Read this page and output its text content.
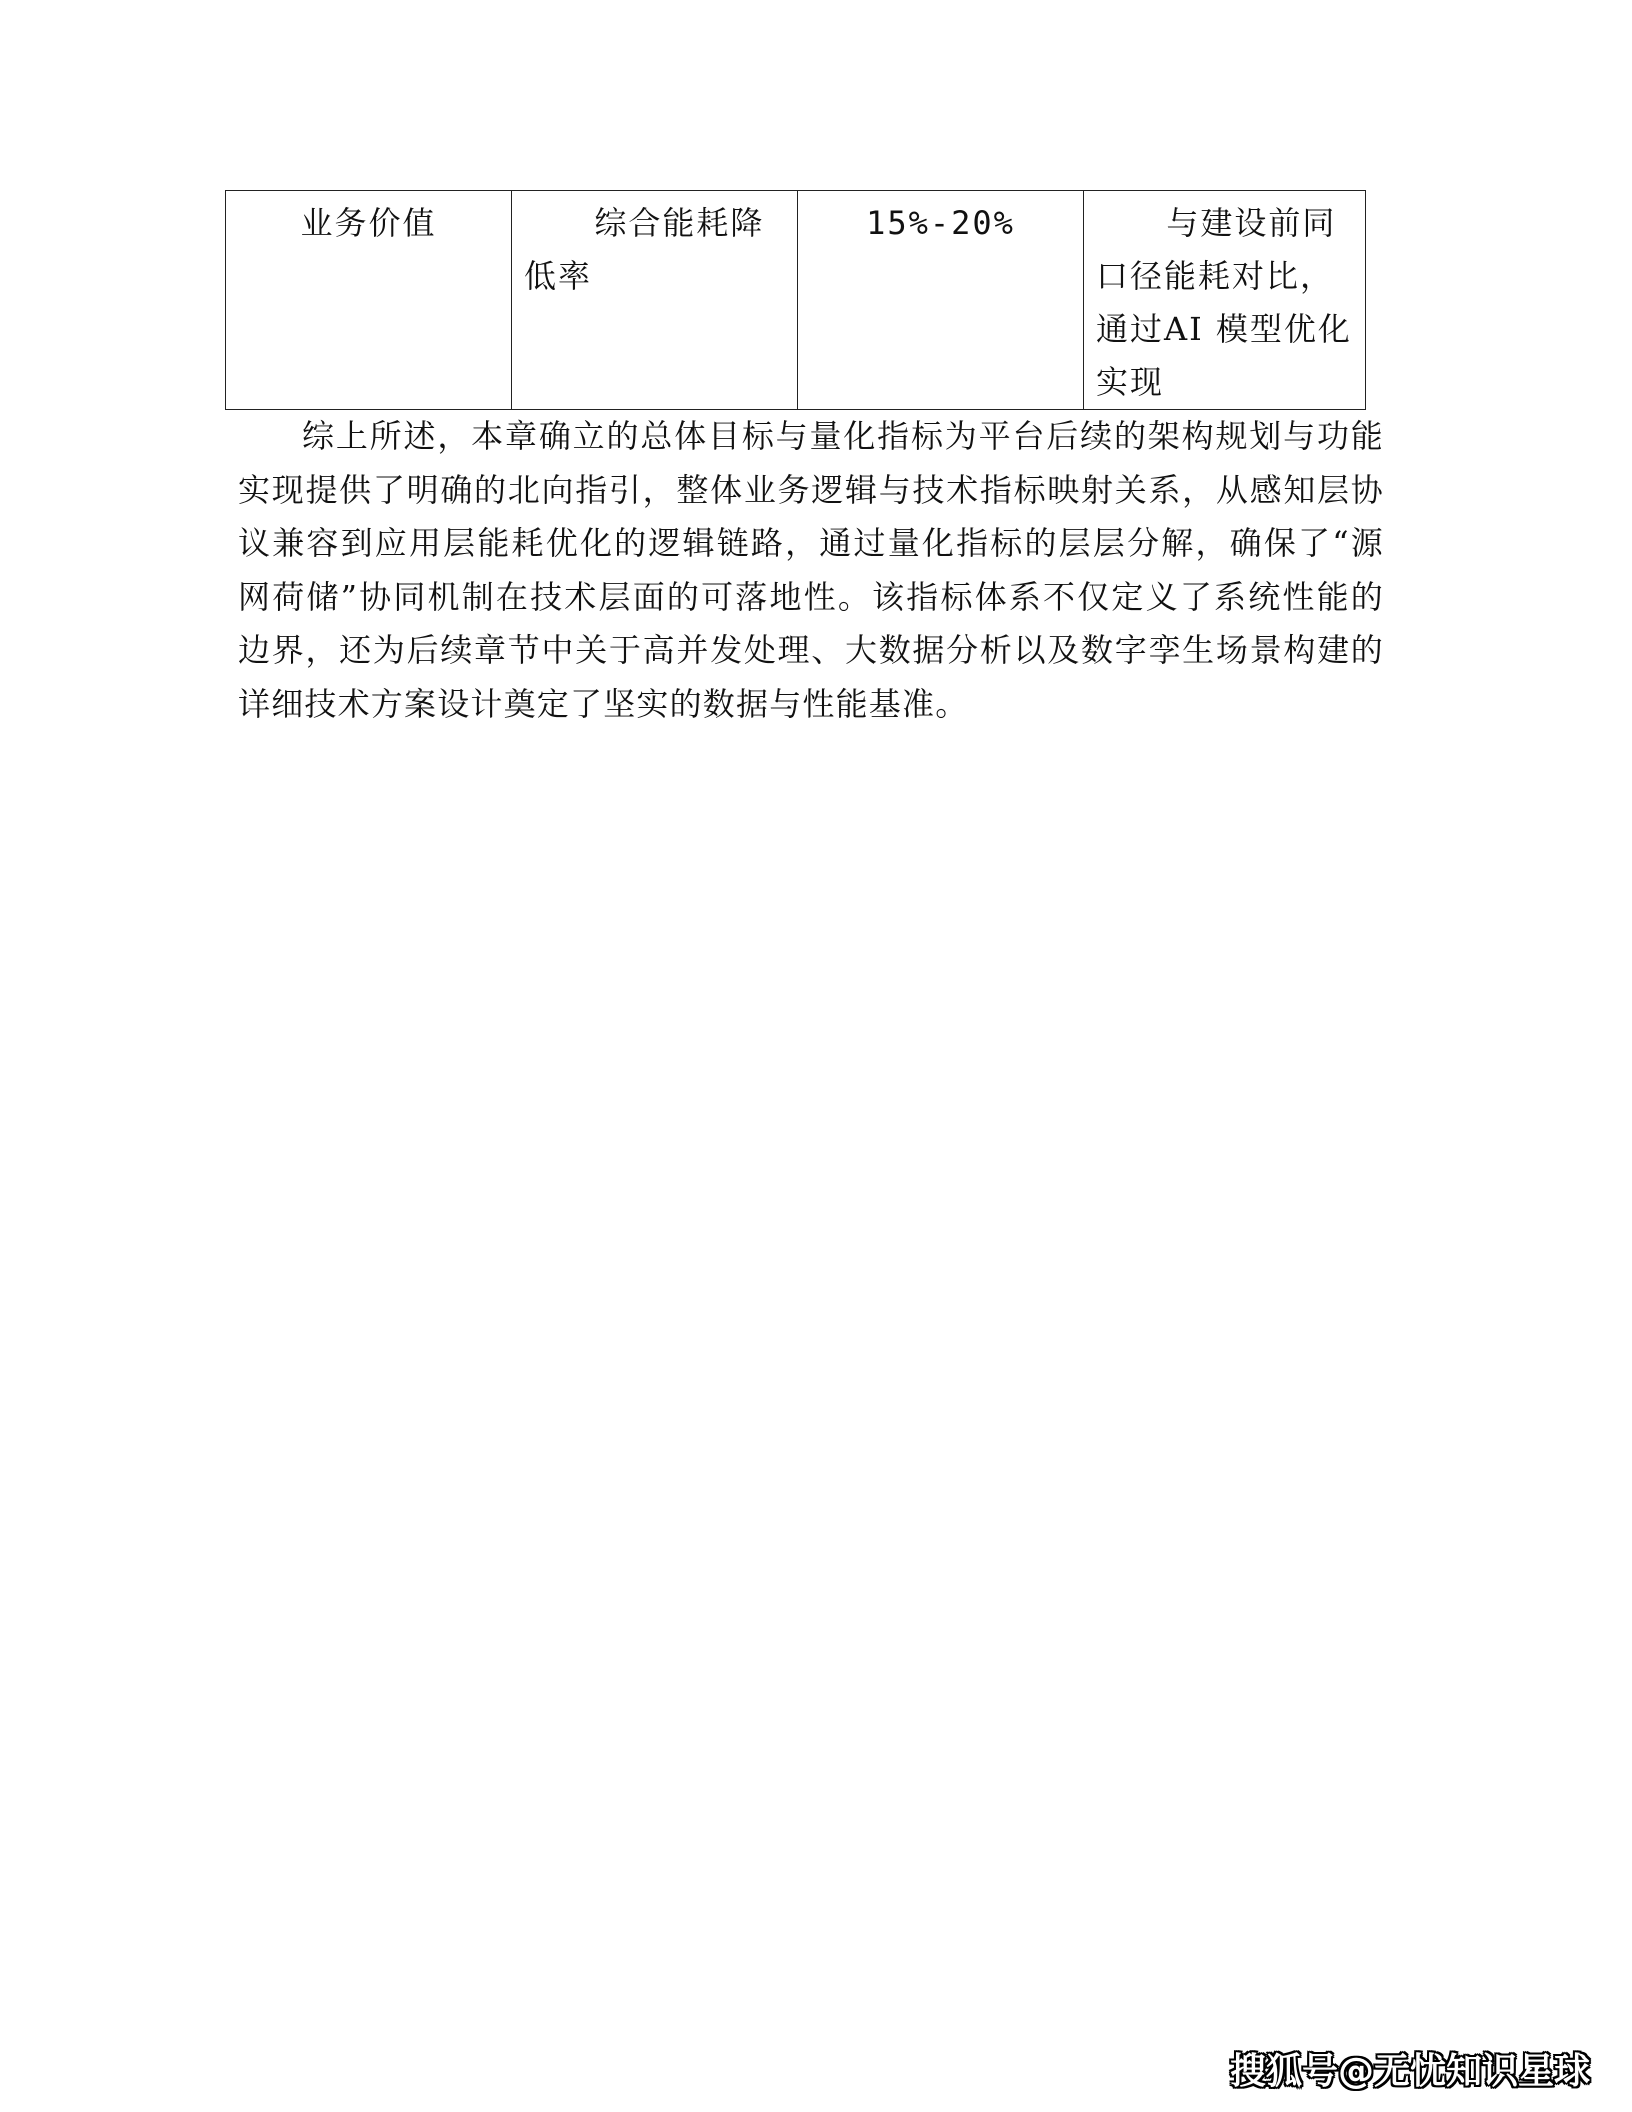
业务价值	综合能耗降低率	15%-20%	与建设前同口径能耗对比，通过AI 模型优化实现

综上所述，本章确立的总体目标与量化指标为平台后续的架构规划与功能实现提供了明确的北向指引，整体业务逻辑与技术指标映射关系，从感知层协议兼容到应用层能耗优化的逻辑链路，通过量化指标的层层分解，确保了“源网荷储”协同机制在技术层面的可落地性。该指标体系不仅定义了系统性能的边界，还为后续章节中关于高并发处理、大数据分析以及数字孪生场景构建的详细技术方案设计奠定了坚实的数据与性能基准。

搜狐号@无忧知识星球
